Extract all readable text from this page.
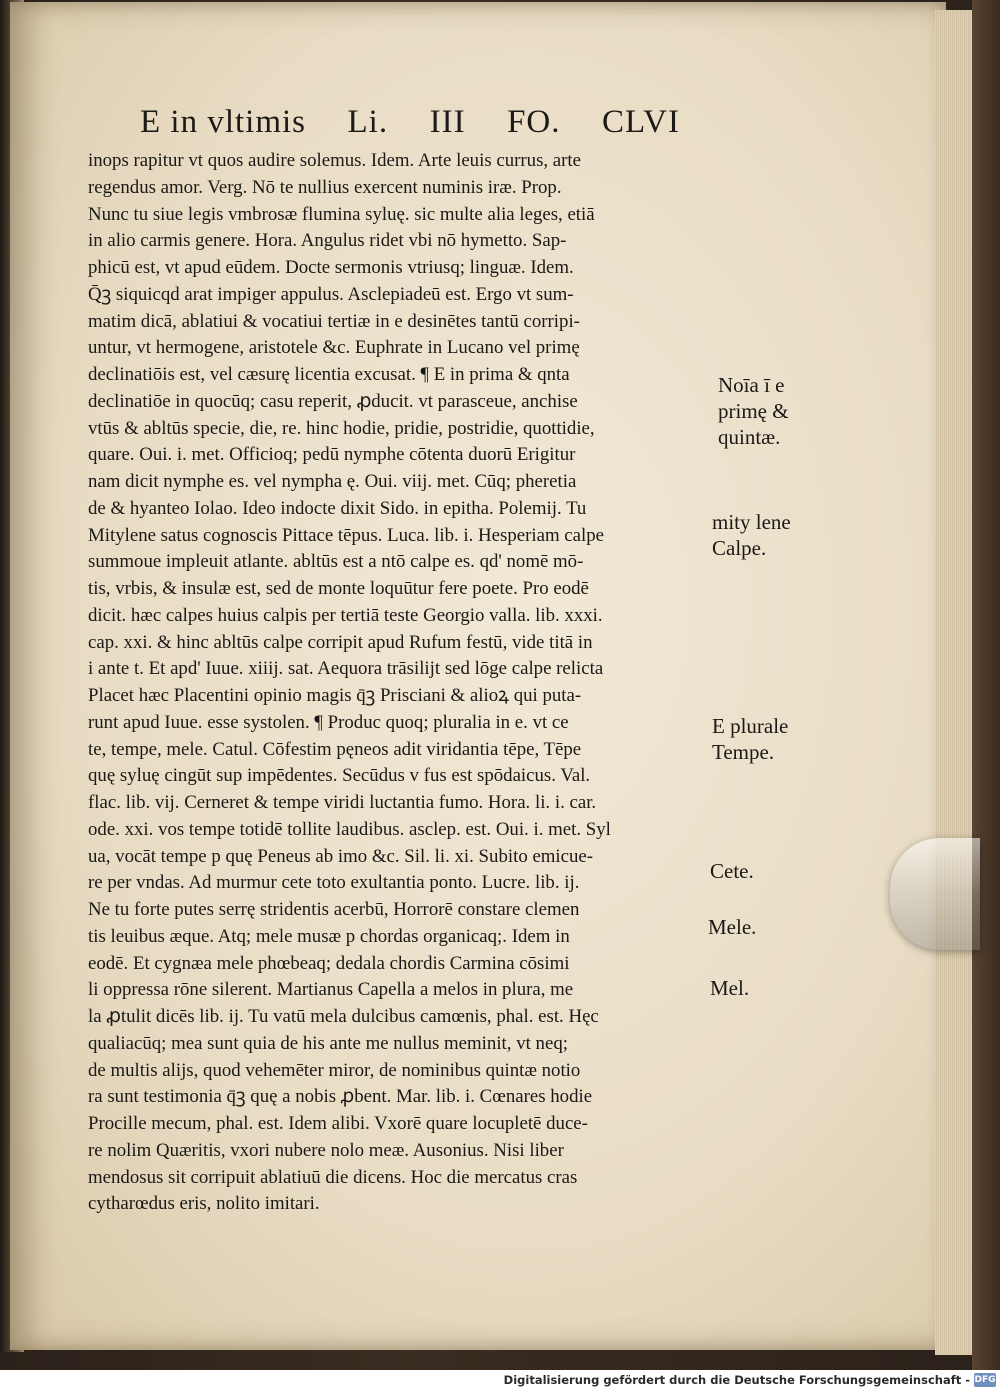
E in vltimis Li. III FO. CLVI
inops rapitur vt quos audire solemus. Idem. Arte leuis currus, arte
regendus amor. Verg. Nō te nullius exercent numinis iræ. Prop.
Nunc tu siue legis vmbrosæ flumina syluę. sic multe alia leges, etiā
in alio carmis genere. Hora. Angulus ridet vbi nō hymetto. Sap-
phicū est, vt apud eūdem. Docte sermonis vtriusq; linguæ. Idem.
Q̄ꝫ siquicqd arat impiger appulus. Asclepiadeū est. Ergo vt sum-
matim dicā, ablatiui & vocatiui tertiæ in e desinētes tantū corripi-
untur, vt hermogene, aristotele &c. Euphrate in Lucano vel primę
declinatiōis est, vel cæsurę licentia excusat. ¶ E in prima & qnta
declinatiōe in quocūq; casu reperit, ꝓducit. vt parasceue, anchise
vtūs & abltūs specie, die, re. hinc hodie, pridie, postridie, quottidie,
quare. Oui. i. met. Officioq; pedū nymphe cōtenta duorū Erigitur
nam dicit nymphe es. vel nympha ę. Oui. viij. met. Cūq; pheretia
de & hyanteo Iolao. Ideo indocte dixit Sido. in epitha. Polemij. Tu
Mitylene satus cognoscis Pittace tēpus. Luca. lib. i. Hesperiam calpe
summoue impleuit atlante. abltūs est a ntō calpe es. qd' nomē mō-
tis, vrbis, & insulæ est, sed de monte loquūtur fere poete. Pro eodē
dicit. hæc calpes huius calpis per tertiā teste Georgio valla. lib. xxxi.
cap. xxi. & hinc abltūs calpe corripit apud Rufum festū, vide titā in
i ante t. Et apd' Iuue. xiiij. sat. Aequora trāsilijt sed lōge calpe relicta
Placet hæc Placentini opinio magis q̄ꝫ Prisciani & alioꝝ qui puta-
runt apud Iuue. esse systolen. ¶ Produc quoq; pluralia in e. vt ce
te, tempe, mele. Catul. Cōfestim pęneos adit viridantia tēpe, Tēpe
quę syluę cingūt sup impēdentes. Secūdus v fus est spōdaicus. Val.
flac. lib. vij. Cerneret & tempe viridi luctantia fumo. Hora. li. i. car.
ode. xxi. vos tempe totidē tollite laudibus. asclep. est. Oui. i. met. Syl
ua, vocāt tempe p quę Peneus ab imo &c. Sil. li. xi. Subito emicue-
re per vndas. Ad murmur cete toto exultantia ponto. Lucre. lib. ij.
Ne tu forte putes serrę stridentis acerbū, Horrorē constare clemen
tis leuibus æque. Atq; mele musæ p chordas organicaq;. Idem in
eodē. Et cygnæa mele phœbeaq; dedala chordis Carmina cōsimi
li oppressa rōne silerent. Martianus Capella a melos in plura, me
la ꝓtulit dicēs lib. ij. Tu vatū mela dulcibus camœnis, phal. est. Hęc
qualiacūq; mea sunt quia de his ante me nullus meminit, vt neq;
de multis alijs, quod vehemēter miror, de nominibus quintæ notio
ra sunt testimonia q̄ꝫ quę a nobis ꝓbent. Mar. lib. i. Cœnares hodie
Procille mecum, phal. est. Idem alibi. Vxorē quare locupletē duce-
re nolim Quæritis, vxori nubere nolo meæ. Ausonius. Nisi liber
mendosus sit corripuit ablatiuū die dicens. Hoc die mercatus cras
cytharœdus eris, nolito imitari.
Noīa ī e
primę &
quintæ.
mity lene
Calpe.
E plurale
Tempe.
Cete.
Mele.
Mel.
Digitalisierung gefördert durch die Deutsche Forschungsgemeinschaft - DFG
